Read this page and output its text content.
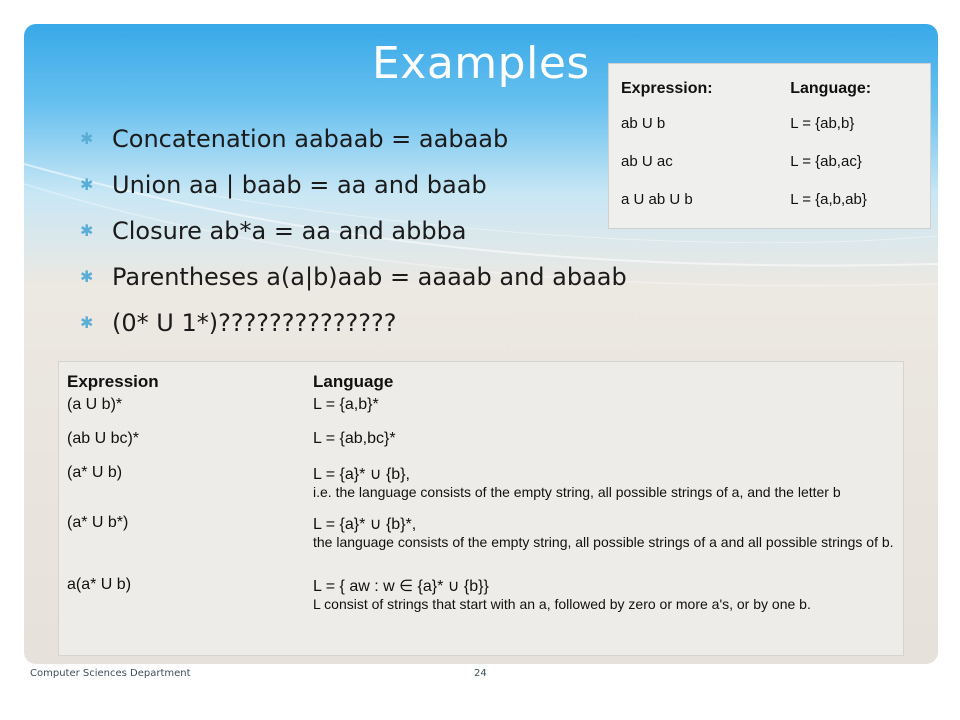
Examples
✱ Concatenation aabaab = aabaab
✱ Union aa | baab = aa and baab
✱ Closure ab*a = aa and abbba
✱ Parentheses a(a|b)aab = aaaab and abaab
✱ (0* U 1*)??????????????
Expression:	Language:
ab U b	L = {ab,b}
ab U ac	L = {ab,ac}
a U ab U b	L = {a,b,ab}
Expression	Language
(a U b)*	L = {a,b}*

(ab U bc)*	L = {ab,bc}*

(a* U b)	L = {a}* ∪ {b},
i.e. the language consists of the empty string, all possible strings of a, and the letter b

(a* U b*)	L = {a}* ∪ {b}*,
the language consists of the empty string, all possible strings of a and all possible strings of b.

a(a* U b)	L = { aw : w ∈ {a}* ∪ {b}}
L consist of strings that start with an a, followed by zero or more a's, or by one b.
Computer Sciences Department	24
